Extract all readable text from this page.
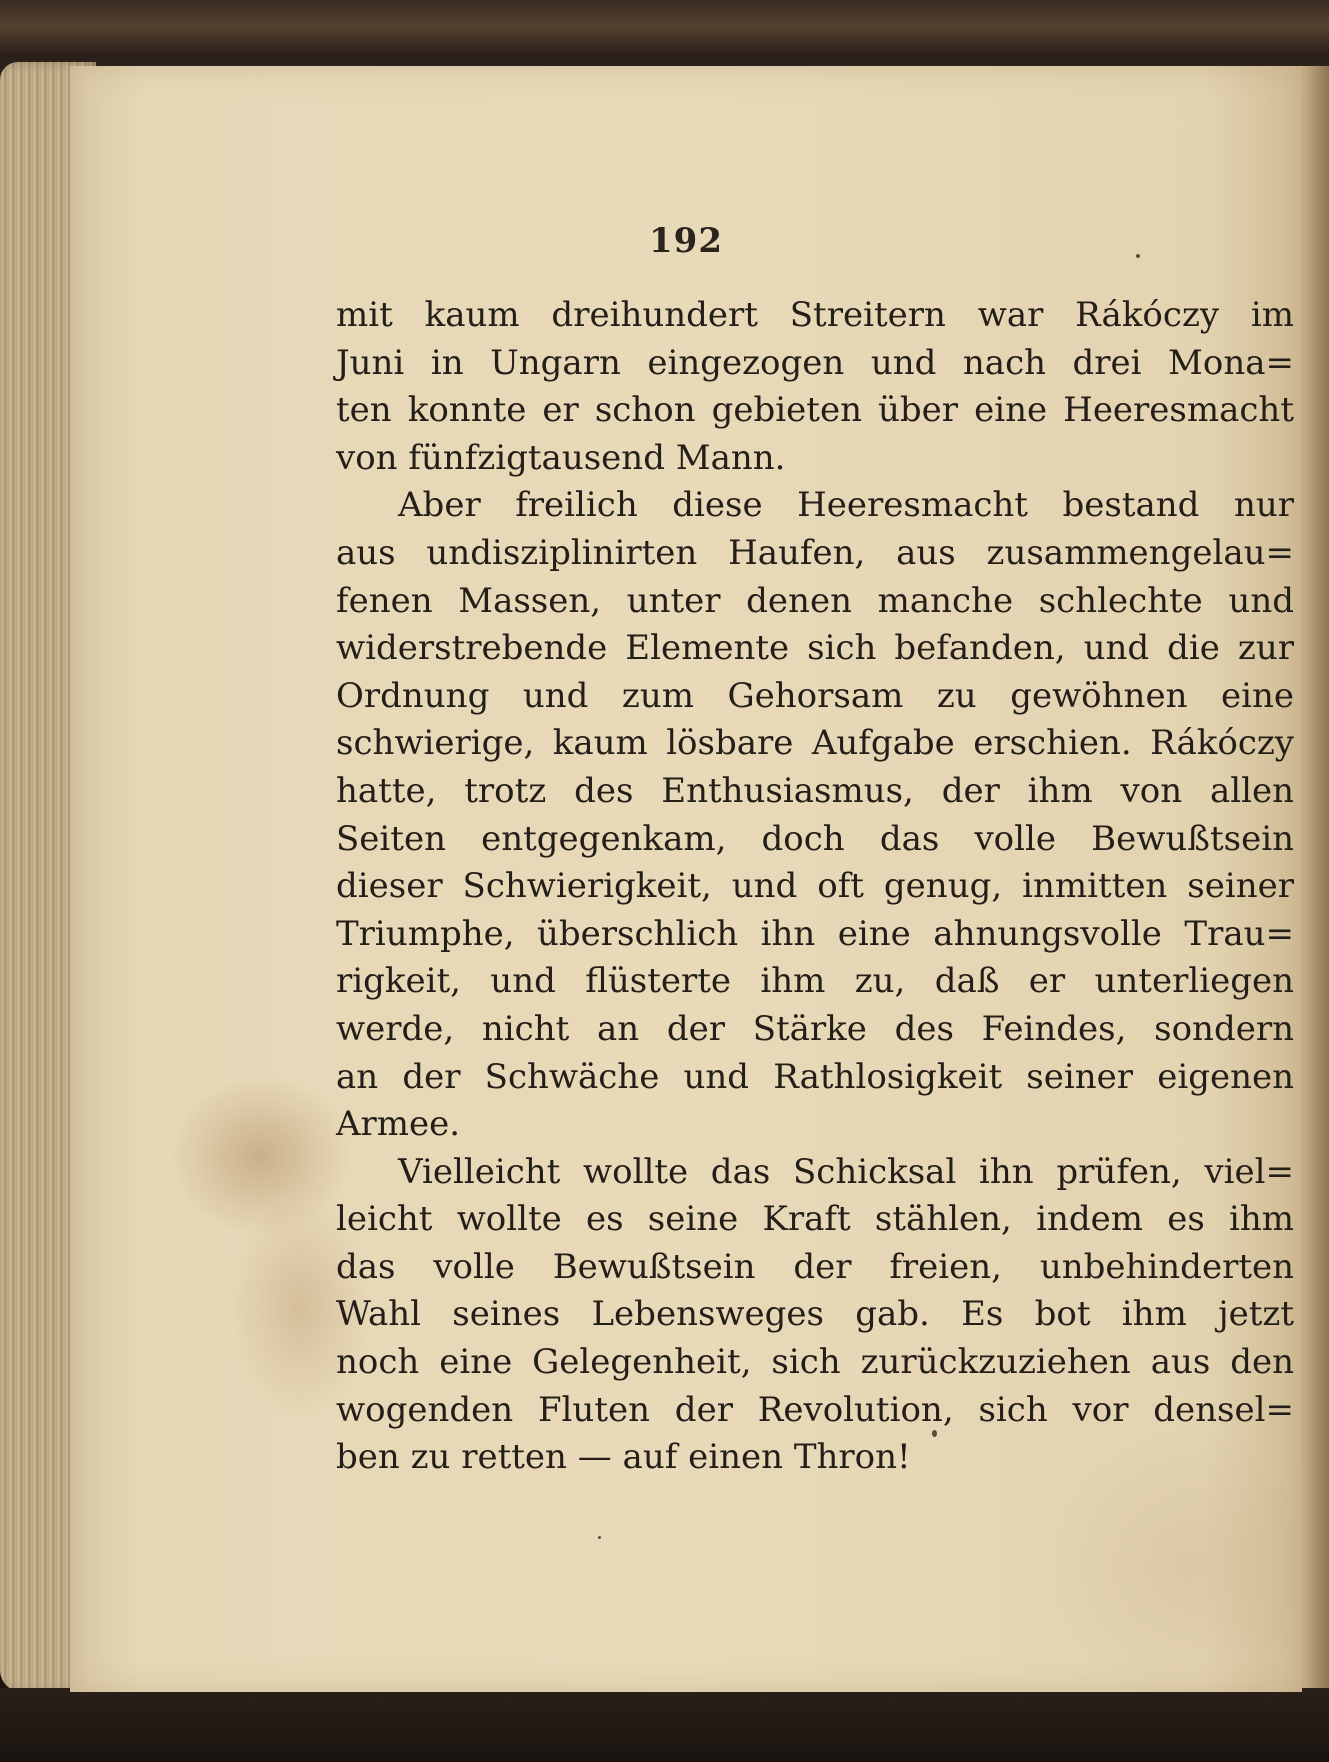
192

mit kaum dreihundert Streitern war Rákóczy im
Juni in Ungarn eingezogen und nach drei Mona=
ten konnte er schon gebieten über eine Heeresmacht
von fünfzigtausend Mann.
Aber freilich diese Heeresmacht bestand nur
aus undisziplinirten Haufen, aus zusammengelau=
fenen Massen, unter denen manche schlechte und
widerstrebende Elemente sich befanden, und die zur
Ordnung und zum Gehorsam zu gewöhnen eine
schwierige, kaum lösbare Aufgabe erschien. Rákóczy
hatte, trotz des Enthusiasmus, der ihm von allen
Seiten entgegenkam, doch das volle Bewußtsein
dieser Schwierigkeit, und oft genug, inmitten seiner
Triumphe, überschlich ihn eine ahnungsvolle Trau=
rigkeit, und flüsterte ihm zu, daß er unterliegen
werde, nicht an der Stärke des Feindes, sondern
an der Schwäche und Rathlosigkeit seiner eigenen
Armee.
Vielleicht wollte das Schicksal ihn prüfen, viel=
leicht wollte es seine Kraft stählen, indem es ihm
das volle Bewußtsein der freien, unbehinderten
Wahl seines Lebensweges gab. Es bot ihm jetzt
noch eine Gelegenheit, sich zurückzuziehen aus den
wogenden Fluten der Revolution, sich vor densel=
ben zu retten — auf einen Thron!
